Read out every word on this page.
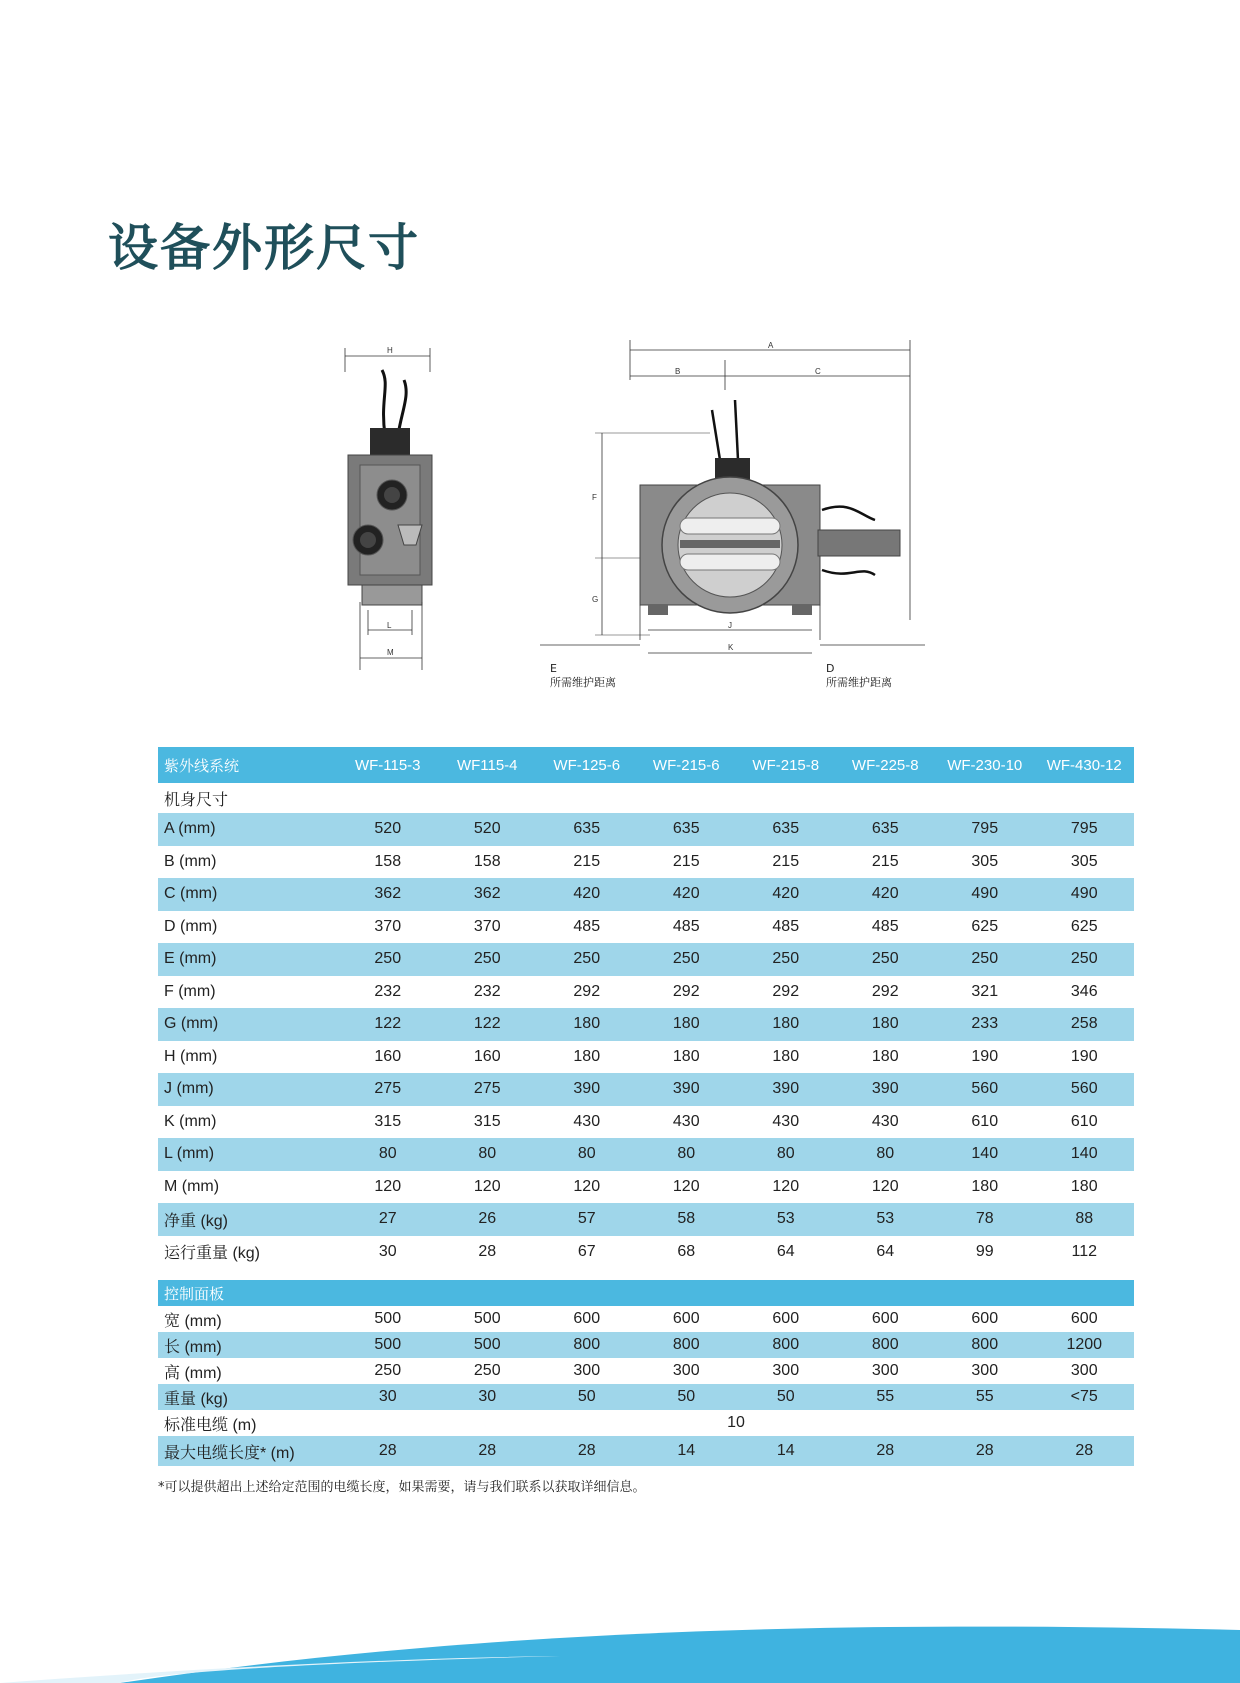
设备外形尺寸
H
A
B	C
F
G
J
K
L
M
E
所需维护距离
D
所需维护距离
紫外线系统	WF-115-3	WF115-4	WF-125-6	WF-215-6	WF-215-8	WF-225-8	WF-230-10	WF-430-12
机身尺寸								
A (mm)	520	520	635	635	635	635	795	795
B (mm)	158	158	215	215	215	215	305	305
C (mm)	362	362	420	420	420	420	490	490
D (mm)	370	370	485	485	485	485	625	625
E (mm)	250	250	250	250	250	250	250	250
F (mm)	232	232	292	292	292	292	321	346
G (mm)	122	122	180	180	180	180	233	258
H (mm)	160	160	180	180	180	180	190	190
J (mm)	275	275	390	390	390	390	560	560
K (mm)	315	315	430	430	430	430	610	610
L (mm)	80	80	80	80	80	80	140	140
M (mm)	120	120	120	120	120	120	180	180
净重 (kg)	27	26	57	58	53	53	78	88
运行重量 (kg)	30	28	67	68	64	64	99	112
控制面板								
宽 (mm)	500	500	600	600	600	600	600	600
长 (mm)	500	500	800	800	800	800	800	1200
高 (mm)	250	250	300	300	300	300	300	300
重量 (kg)	30	30	50	50	50	55	55	<75
标准电缆 (m)	10							
最大电缆长度* (m)	28	28	28	14	14	28	28	28
*可以提供超出上述给定范围的电缆长度，如果需要，请与我们联系以获取详细信息。
